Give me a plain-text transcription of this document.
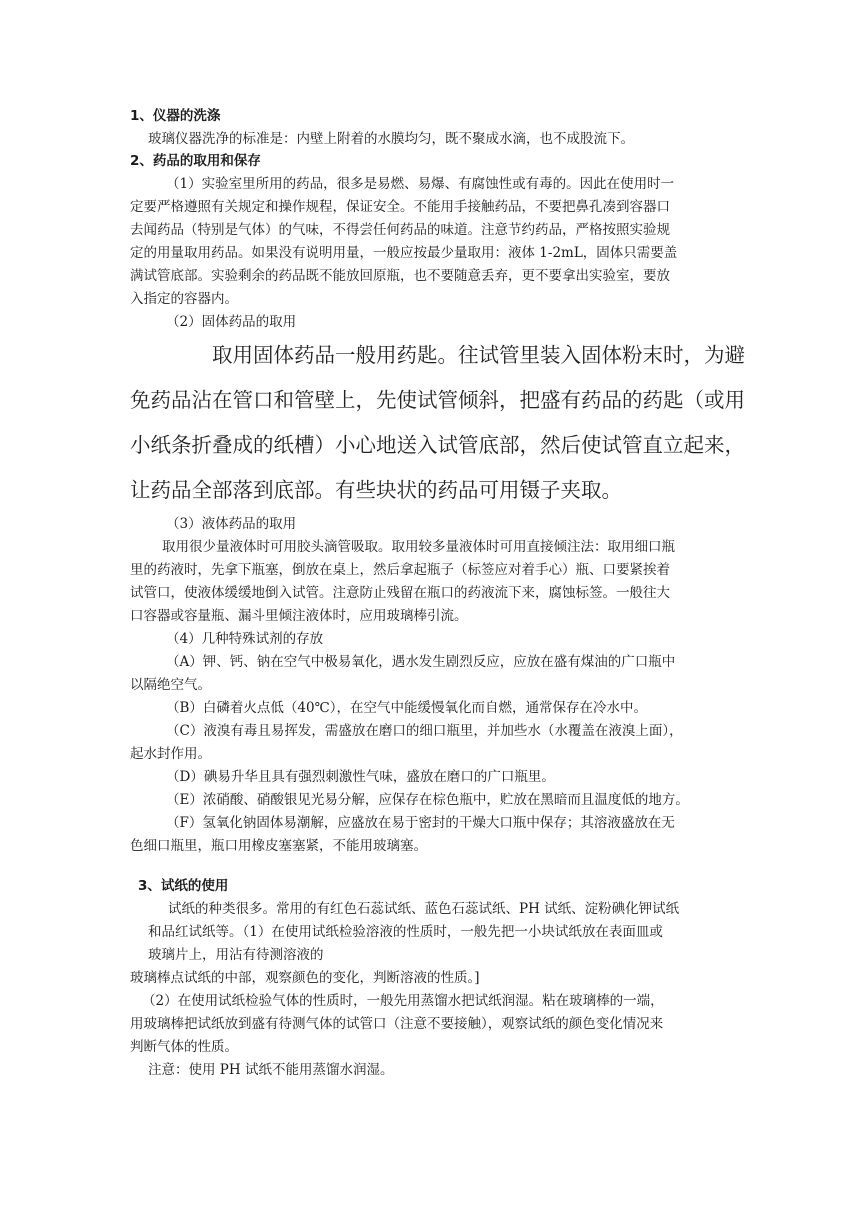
1、仪器的洗涤
玻璃仪器洗净的标准是：内壁上附着的水膜均匀，既不聚成水滴，也不成股流下。
2、药品的取用和保存
（1）实验室里所用的药品，很多是易燃、易爆、有腐蚀性或有毒的。因此在使用时一
定要严格遵照有关规定和操作规程，保证安全。不能用手接触药品，不要把鼻孔凑到容器口
去闻药品（特别是气体）的气味，不得尝任何药品的味道。注意节约药品，严格按照实验规
定的用量取用药品。如果没有说明用量，一般应按最少量取用：液体 1-2mL，固体只需要盖
满试管底部。实验剩余的药品既不能放回原瓶，也不要随意丢弃，更不要拿出实验室，要放
入指定的容器内。
（2）固体药品的取用
取用固体药品一般用药匙。往试管里装入固体粉末时，为避
免药品沾在管口和管壁上，先使试管倾斜，把盛有药品的药匙（或用
小纸条折叠成的纸槽）小心地送入试管底部，然后使试管直立起来，
让药品全部落到底部。有些块状的药品可用镊子夹取。
（3）液体药品的取用
取用很少量液体时可用胶头滴管吸取。取用较多量液体时可用直接倾注法：取用细口瓶
里的药液时，先拿下瓶塞，倒放在桌上，然后拿起瓶子（标签应对着手心）瓶、口要紧挨着
试管口，使液体缓缓地倒入试管。注意防止残留在瓶口的药液流下来，腐蚀标签。一般往大
口容器或容量瓶、漏斗里倾注液体时，应用玻璃棒引流。
（4）几种特殊试剂的存放
（A）钾、钙、钠在空气中极易氧化，遇水发生剧烈反应，应放在盛有煤油的广口瓶中
以隔绝空气。
（B）白磷着火点低（40℃），在空气中能缓慢氧化而自燃，通常保存在冷水中。
（C）液溴有毒且易挥发，需盛放在磨口的细口瓶里，并加些水（水覆盖在液溴上面），
起水封作用。
（D）碘易升华且具有强烈刺激性气味，盛放在磨口的广口瓶里。
（E）浓硝酸、硝酸银见光易分解，应保存在棕色瓶中，贮放在黑暗而且温度低的地方。
（F）氢氧化钠固体易潮解，应盛放在易于密封的干燥大口瓶中保存；其溶液盛放在无
色细口瓶里，瓶口用橡皮塞塞紧，不能用玻璃塞。
3、试纸的使用
试纸的种类很多。常用的有红色石蕊试纸、蓝色石蕊试纸、PH 试纸、淀粉碘化钾试纸
和品红试纸等。（1）在使用试纸检验溶液的性质时，一般先把一小块试纸放在表面皿或
玻璃片上，用沾有待测溶液的
玻璃棒点试纸的中部，观察颜色的变化，判断溶液的性质。]
（2）在使用试纸检验气体的性质时，一般先用蒸馏水把试纸润湿。粘在玻璃棒的一端，
用玻璃棒把试纸放到盛有待测气体的试管口（注意不要接触），观察试纸的颜色变化情况来
判断气体的性质。
注意：使用 PH 试纸不能用蒸馏水润湿。
